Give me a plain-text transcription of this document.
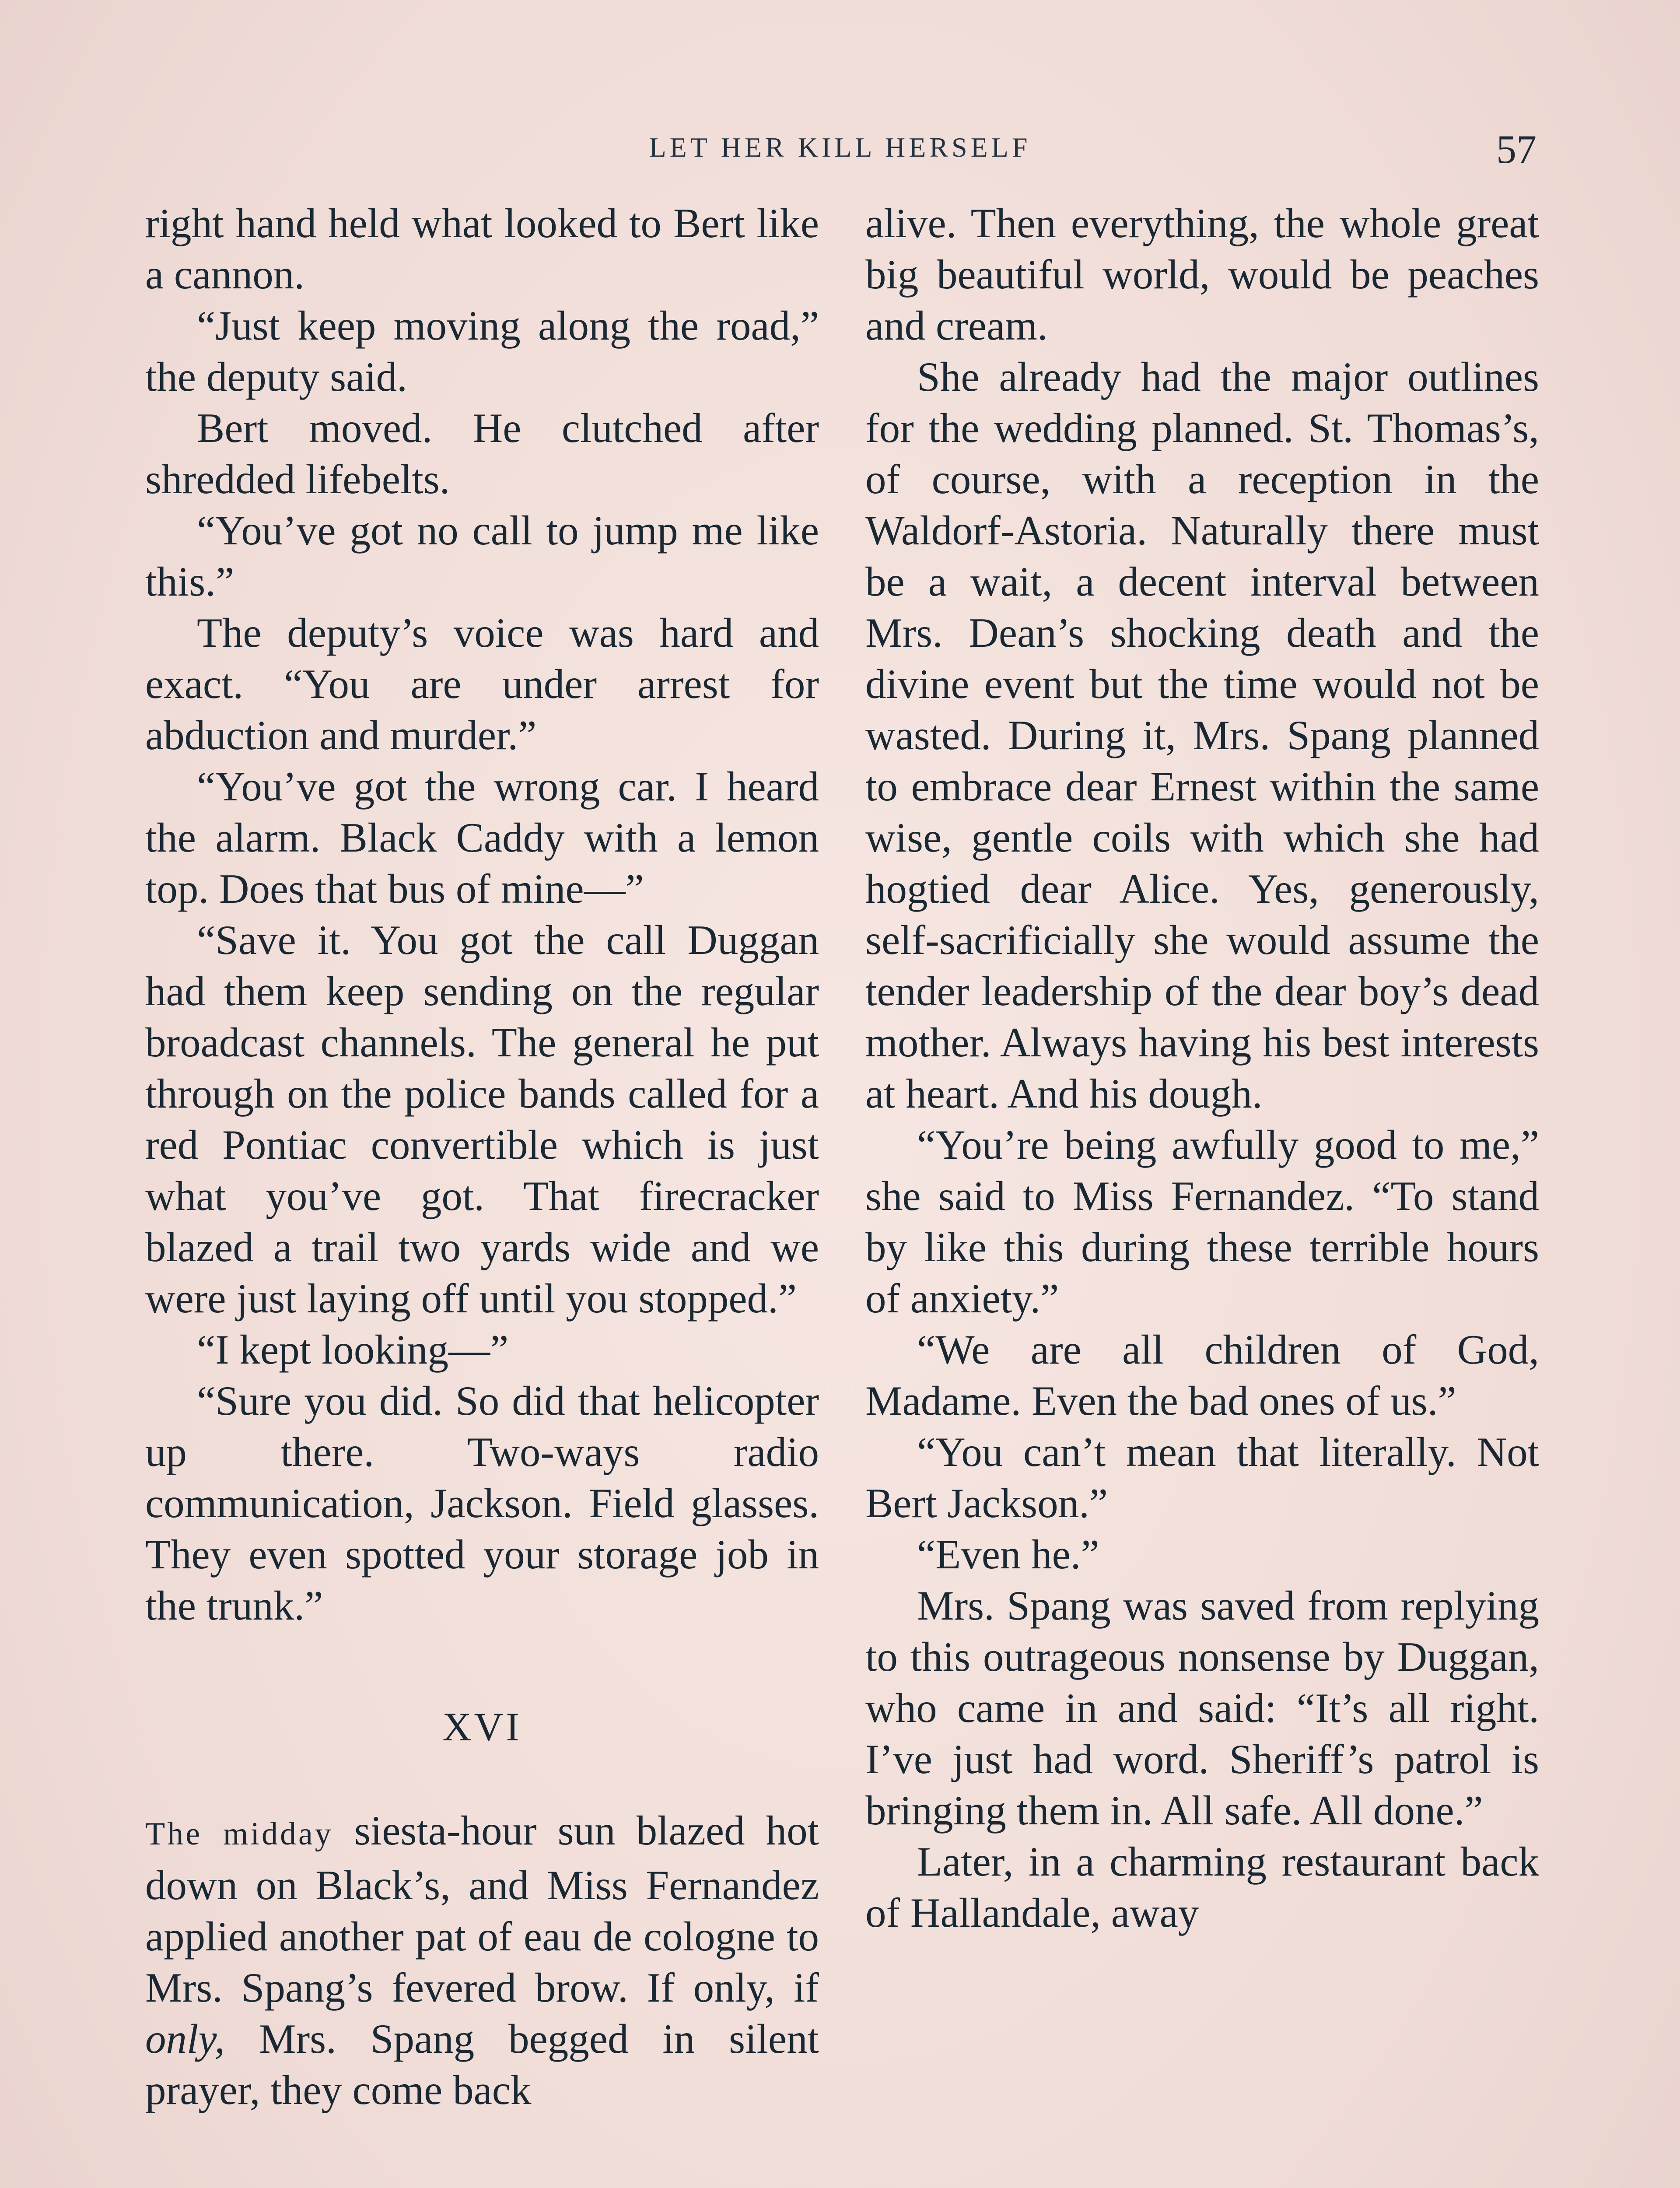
LET HER KILL HERSELF	57

right hand held what looked to Bert like a cannon.

“Just keep moving along the road,” the deputy said.

Bert moved. He clutched after shredded lifebelts.

“You’ve got no call to jump me like this.”

The deputy’s voice was hard and exact. “You are under arrest for abduction and murder.”

“You’ve got the wrong car. I heard the alarm. Black Caddy with a lemon top. Does that bus of mine—”

“Save it. You got the call Duggan had them keep sending on the regular broadcast channels. The general he put through on the police bands called for a red Pontiac convertible which is just what you’ve got. That firecracker blazed a trail two yards wide and we were just laying off until you stopped.”

“I kept looking—”

“Sure you did. So did that helicopter up there. Two-ways radio communication, Jackson. Field glasses. They even spotted your storage job in the trunk.”

XVI

The midday siesta-hour sun blazed hot down on Black’s, and Miss Fernandez applied another pat of eau de cologne to Mrs. Spang’s fevered brow. If only, if only, Mrs. Spang begged in silent prayer, they come back

alive. Then everything, the whole great big beautiful world, would be peaches and cream.

She already had the major outlines for the wedding planned. St. Thomas’s, of course, with a reception in the Waldorf-Astoria. Naturally there must be a wait, a decent interval between Mrs. Dean’s shocking death and the divine event but the time would not be wasted. During it, Mrs. Spang planned to embrace dear Ernest within the same wise, gentle coils with which she had hogtied dear Alice. Yes, generously, self-sacrificially she would assume the tender leadership of the dear boy’s dead mother. Always having his best interests at heart. And his dough.

“You’re being awfully good to me,” she said to Miss Fernandez. “To stand by like this during these terrible hours of anxiety.”

“We are all children of God, Madame. Even the bad ones of us.”

“You can’t mean that literally. Not Bert Jackson.”

“Even he.”

Mrs. Spang was saved from replying to this outrageous nonsense by Duggan, who came in and said: “It’s all right. I’ve just had word. Sheriff’s patrol is bringing them in. All safe. All done.”

Later, in a charming restaurant back of Hallandale, away
